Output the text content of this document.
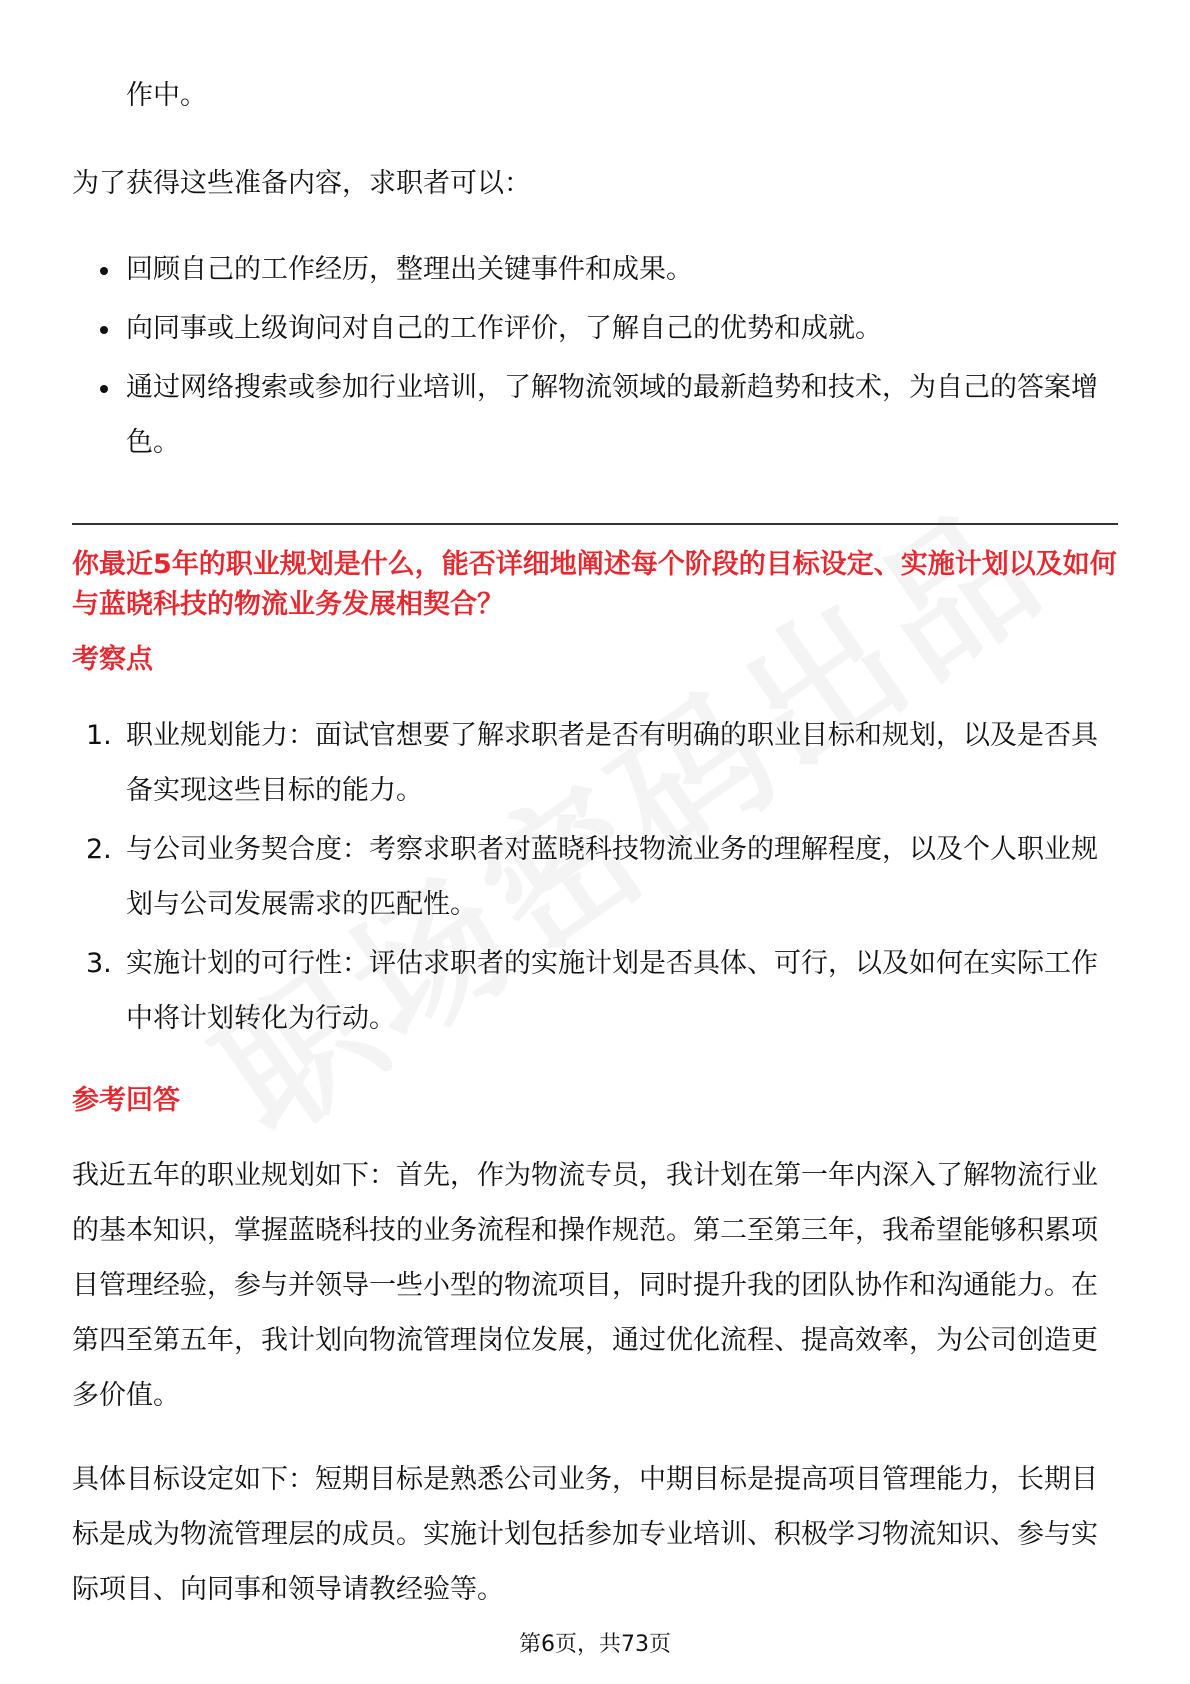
作中。

为了获得这些准备内容，求职者可以：

回顾自己的工作经历，整理出关键事件和成果。
向同事或上级询问对自己的工作评价，了解自己的优势和成就。
通过网络搜索或参加行业培训，了解物流领域的最新趋势和技术，为自己的答案增色。
你最近5年的职业规划是什么，能否详细地阐述每个阶段的目标设定、实施计划以及如何与蓝晓科技的物流业务发展相契合？
考察点
1. 职业规划能力：面试官想要了解求职者是否有明确的职业目标和规划，以及是否具备实现这些目标的能力。
2. 与公司业务契合度：考察求职者对蓝晓科技物流业务的理解程度，以及个人职业规划与公司发展需求的匹配性。
3. 实施计划的可行性：评估求职者的实施计划是否具体、可行，以及如何在实际工作中将计划转化为行动。
参考回答

我近五年的职业规划如下：首先，作为物流专员，我计划在第一年内深入了解物流行业的基本知识，掌握蓝晓科技的业务流程和操作规范。第二至第三年，我希望能够积累项目管理经验，参与并领导一些小型的物流项目，同时提升我的团队协作和沟通能力。在第四至第五年，我计划向物流管理岗位发展，通过优化流程、提高效率，为公司创造更多价值。

具体目标设定如下：短期目标是熟悉公司业务，中期目标是提高项目管理能力，长期目标是成为物流管理层的成员。实施计划包括参加专业培训、积极学习物流知识、参与实际项目、向同事和领导请教经验等。

第6页，共73页
